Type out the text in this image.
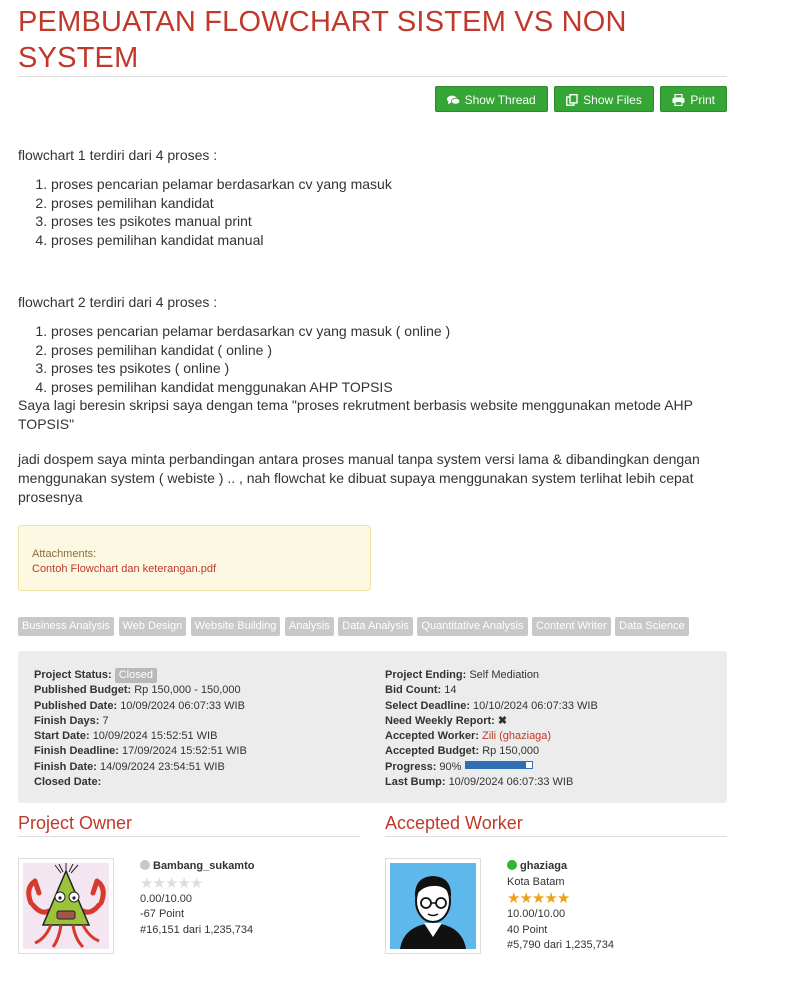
PEMBUATAN FLOWCHART SISTEM VS NON SYSTEM
Show Thread	Show Files	Print

flowchart 1 terdiri dari 4 proses :

1. proses pencarian pelamar berdasarkan cv yang masuk
2. proses pemilihan kandidat
3. proses tes psikotes manual print
4. proses pemilihan kandidat manual

flowchart 2 terdiri dari 4 proses :

1. proses pencarian pelamar berdasarkan cv yang masuk ( online )
2. proses pemilihan kandidat ( online )
3. proses tes psikotes ( online )
4. proses pemilihan kandidat menggunakan AHP TOPSIS

Saya lagi beresin skripsi saya dengan tema "proses rekrutment berbasis website menggunakan metode AHP TOPSIS"

jadi dospem saya minta perbandingan antara proses manual tanpa system versi lama & dibandingkan dengan menggunakan system ( webiste ) .. , nah flowchat ke dibuat supaya menggunakan system terlihat lebih cepat prosesnya

Attachments:
Contoh Flowchart dan keterangan.pdf
Business Analysis Web Design Website Building Analysis Data Analysis Quantitative Analysis Content Writer Data Science
Project Status: Closed
Published Budget: Rp 150,000 - 150,000
Published Date: 10/09/2024 06:07:33 WIB
Finish Days: 7
Start Date: 10/09/2024 15:52:51 WIB
Finish Deadline: 17/09/2024 15:52:51 WIB
Finish Date: 14/09/2024 23:54:51 WIB
Closed Date:
Project Ending: Self Mediation
Bid Count: 14
Select Deadline: 10/10/2024 06:07:33 WIB
Need Weekly Report: ✖
Accepted Worker: Zili (ghaziaga)
Accepted Budget: Rp 150,000
Progress: 90%
Last Bump: 10/09/2024 06:07:33 WIB
Project Owner
Bambang_sukamto
★★★★★
0.00/10.00
-67 Point
#16,151 dari 1,235,734
Accepted Worker
ghaziaga
Kota Batam
★★★★★
10.00/10.00
40 Point
#5,790 dari 1,235,734
